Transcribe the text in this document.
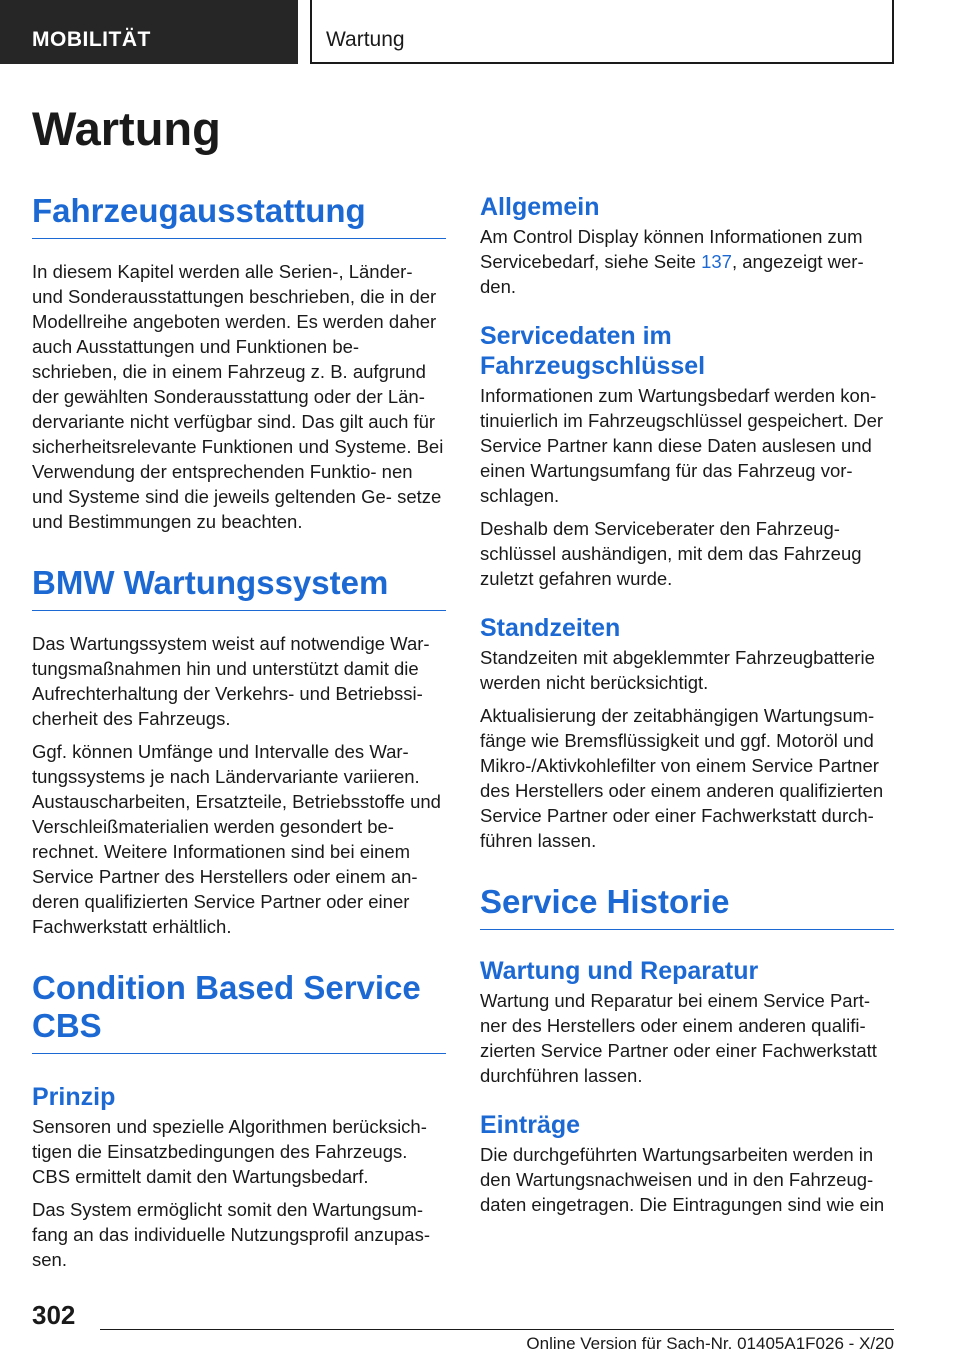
MOBILITÄT	Wartung
Wartung
Fahrzeugausstattung

In diesem Kapitel werden alle Serien-, Länder- und Sonderausstattungen beschrieben, die in der Modellreihe angeboten werden. Es werden daher auch Ausstattungen und Funktionen be- schrieben, die in einem Fahrzeug z. B. aufgrund der gewählten Sonderausstattung oder der Län- dervariante nicht verfügbar sind. Das gilt auch für sicherheitsrelevante Funktionen und Systeme. Bei Verwendung der entsprechenden Funktio- nen und Systeme sind die jeweils geltenden Ge- setze und Bestimmungen zu beachten.

BMW Wartungssystem

Das Wartungssystem weist auf notwendige War- tungsmaßnahmen hin und unterstützt damit die Aufrechterhaltung der Verkehrs- und Betriebssi- cherheit des Fahrzeugs.

Ggf. können Umfänge und Intervalle des War- tungssystems je nach Ländervariante variieren. Austauscharbeiten, Ersatzteile, Betriebsstoffe und Verschleißmaterialien werden gesondert be- rechnet. Weitere Informationen sind bei einem Service Partner des Herstellers oder einem an- deren qualifizierten Service Partner oder einer Fachwerkstatt erhältlich.

Condition Based Service CBS
Prinzip

Sensoren und spezielle Algorithmen berücksich- tigen die Einsatzbedingungen des Fahrzeugs. CBS ermittelt damit den Wartungsbedarf.

Das System ermöglicht somit den Wartungsum- fang an das individuelle Nutzungsprofil anzupas- sen.

Allgemein

Am Control Display können Informationen zum Servicebedarf, siehe Seite 137, angezeigt wer- den.

Servicedaten im Fahrzeugschlüssel

Informationen zum Wartungsbedarf werden kon- tinuierlich im Fahrzeugschlüssel gespeichert. Der Service Partner kann diese Daten auslesen und einen Wartungsumfang für das Fahrzeug vor- schlagen.

Deshalb dem Serviceberater den Fahrzeug- schlüssel aushändigen, mit dem das Fahrzeug zuletzt gefahren wurde.

Standzeiten

Standzeiten mit abgeklemmter Fahrzeugbatterie werden nicht berücksichtigt.

Aktualisierung der zeitabhängigen Wartungsum- fänge wie Bremsflüssigkeit und ggf. Motoröl und Mikro-/Aktivkohlefilter von einem Service Partner des Herstellers oder einem anderen qualifizierten Service Partner oder einer Fachwerkstatt durch- führen lassen.

Service Historie
Wartung und Reparatur

Wartung und Reparatur bei einem Service Part- ner des Herstellers oder einem anderen qualifi- zierten Service Partner oder einer Fachwerkstatt durchführen lassen.

Einträge

Die durchgeführten Wartungsarbeiten werden in den Wartungsnachweisen und in den Fahrzeug- daten eingetragen. Die Eintragungen sind wie ein

302
Online Version für Sach-Nr. 01405A1F026 - X/20
